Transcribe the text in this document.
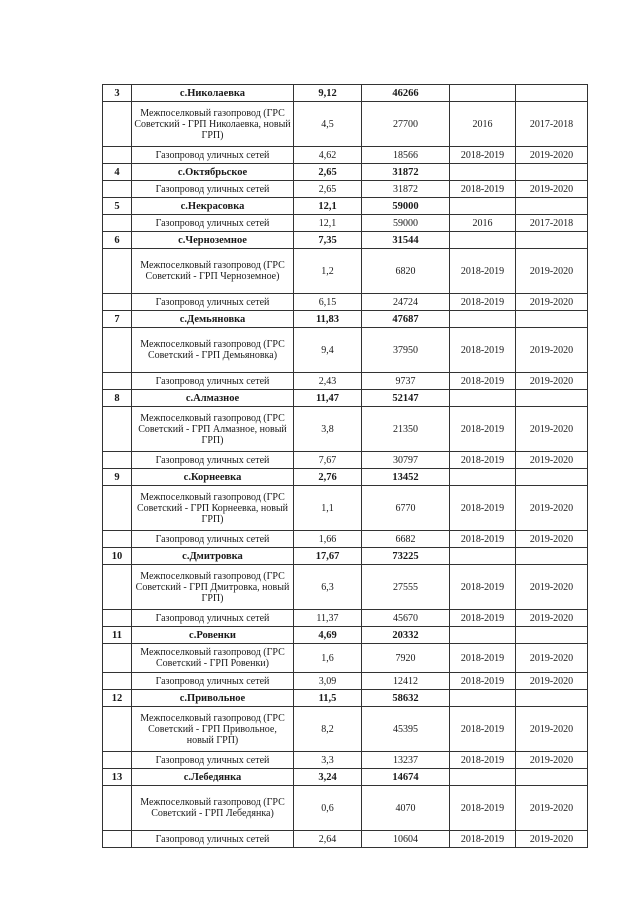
3	с.Николаевка	9,12	46266		
	Межпоселковый газопровод (ГРС Советский - ГРП Николаевка, новый ГРП)	4,5	27700	2016	2017-2018
	Газопровод уличных сетей	4,62	18566	2018-2019	2019-2020
4	с.Октябрьское	2,65	31872		
	Газопровод уличных сетей	2,65	31872	2018-2019	2019-2020
5	с.Некрасовка	12,1	59000		
	Газопровод уличных сетей	12,1	59000	2016	2017-2018
6	с.Черноземное	7,35	31544		
	Межпоселковый газопровод (ГРС Советский - ГРП Черноземное)	1,2	6820	2018-2019	2019-2020
	Газопровод уличных сетей	6,15	24724	2018-2019	2019-2020
7	с.Демьяновка	11,83	47687		
	Межпоселковый газопровод (ГРС Советский - ГРП Демьяновка)	9,4	37950	2018-2019	2019-2020
	Газопровод уличных сетей	2,43	9737	2018-2019	2019-2020
8	с.Алмазное	11,47	52147		
	Межпоселковый газопровод (ГРС Советский - ГРП Алмазное, новый ГРП)	3,8	21350	2018-2019	2019-2020
	Газопровод уличных сетей	7,67	30797	2018-2019	2019-2020
9	с.Корнеевка	2,76	13452		
	Межпоселковый газопровод (ГРС Советский - ГРП Корнеевка, новый ГРП)	1,1	6770	2018-2019	2019-2020
	Газопровод уличных сетей	1,66	6682	2018-2019	2019-2020
10	с.Дмитровка	17,67	73225		
	Межпоселковый газопровод (ГРС Советский - ГРП Дмитровка, новый ГРП)	6,3	27555	2018-2019	2019-2020
	Газопровод уличных сетей	11,37	45670	2018-2019	2019-2020
11	с.Ровенки	4,69	20332		
	Межпоселковый газопровод (ГРС Советский - ГРП Ровенки)	1,6	7920	2018-2019	2019-2020
	Газопровод уличных сетей	3,09	12412	2018-2019	2019-2020
12	с.Привольное	11,5	58632		
	Межпоселковый газопровод (ГРС Советский - ГРП Привольное, новый ГРП)	8,2	45395	2018-2019	2019-2020
	Газопровод уличных сетей	3,3	13237	2018-2019	2019-2020
13	с.Лебедянка	3,24	14674		
	Межпоселковый газопровод (ГРС Советский - ГРП Лебедянка)	0,6	4070	2018-2019	2019-2020
	Газопровод уличных сетей	2,64	10604	2018-2019	2019-2020
